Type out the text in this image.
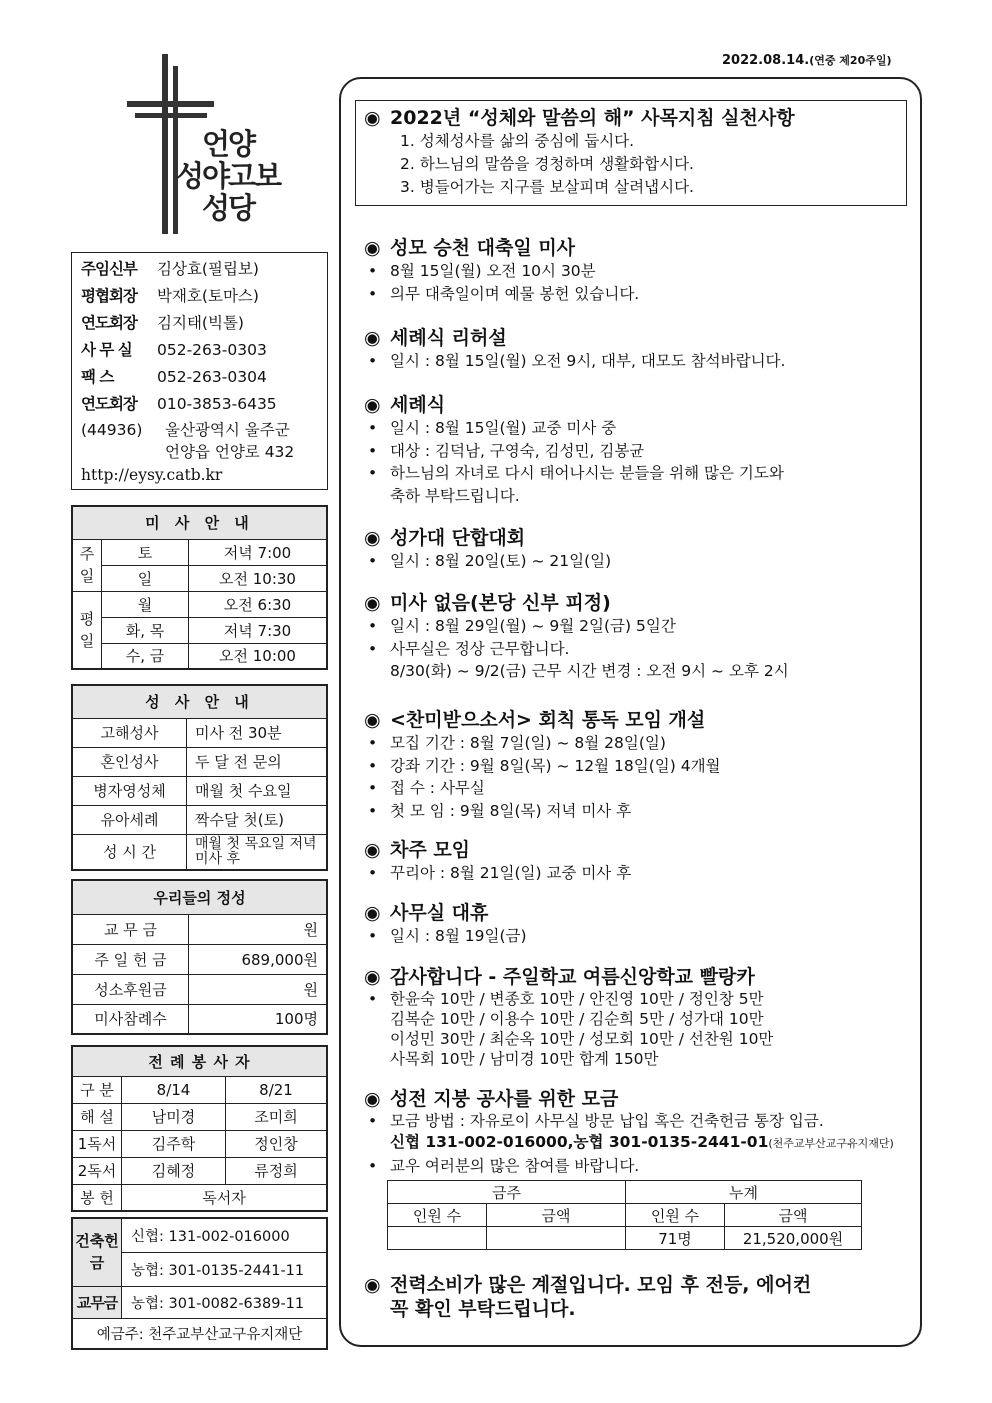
2022.08.14.(연중 제20주일)
언양
성야고보
성당
주임신부 김상효(필립보)
평협회장 박재호(토마스)
연도회장 김지태(빅톨)
사 무 실 052-263-0303
팩 스	052-263-0304
연도회장 010-3853-6435
(44936) 울산광역시 울주군
언양읍 언양로 432
http://eysy.catb.kr
미 사 안 내		
주일	토	저녁 7:00
	일	오전 10:30
평일	월	오전 6:30
	화, 목	저녁 7:30
	수, 금	오전 10:00
성 사 안 내	
고해성사	미사 전 30분
혼인성사	두 달 전 문의
병자영성체	매월 첫 수요일
유아세례	짝수달 첫(토)
성 시 간	매월 첫 목요일 저녁미사 후
우리들의 정성	
교 무 금	원
주 일 헌 금	689,000원
성소후원금	원
미사참례수	100명
전 례 봉 사 자		
구 분	8/14	8/21
해 설	남미경	조미희
1독서	김주학	정인창
2독서	김혜정	류정희
봉 헌	독서자	
건축헌금	신협: 131-002-016000
	농협: 301-0135-2441-11
교무금	농협: 301-0082-6389-11
예금주: 천주교부산교구유지재단	
◉ 2022년 “성체와 말씀의 해” 사목지침 실천사항
1. 성체성사를 삶의 중심에 둡시다.
2. 하느님의 말씀을 경청하며 생활화합시다.
3. 병들어가는 지구를 보살피며 살려냅시다.
◉ 성모 승천 대축일 미사
• 8월 15일(월) 오전 10시 30분
• 의무 대축일이며 예물 봉헌 있습니다.
◉ 세례식 리허설
• 일시 : 8월 15일(월) 오전 9시, 대부, 대모도 참석바랍니다.
◉ 세례식
• 일시 : 8월 15일(월) 교중 미사 중
• 대상 : 김덕남, 구영숙, 김성민, 김봉균
• 하느님의 자녀로 다시 태어나시는 분들을 위해 많은 기도와
축하 부탁드립니다.
◉ 성가대 단합대회
• 일시 : 8월 20일(토) ~ 21일(일)
◉ 미사 없음(본당 신부 피정)
• 일시 : 8월 29일(월) ~ 9월 2일(금) 5일간
• 사무실은 정상 근무합니다.
8/30(화) ~ 9/2(금) 근무 시간 변경 : 오전 9시 ~ 오후 2시
◉ <찬미받으소서> 회칙 통독 모임 개설
• 모집 기간 : 8월 7일(일) ~ 8월 28일(일)
• 강좌 기간 : 9월 8일(목) ~ 12월 18일(일) 4개월
• 접 수 : 사무실
• 첫 모 임 : 9월 8일(목) 저녁 미사 후
◉ 차주 모임
• 꾸리아 : 8월 21일(일) 교중 미사 후
◉ 사무실 대휴
• 일시 : 8월 19일(금)
◉ 감사합니다 - 주일학교 여름신앙학교 빨랑카
• 한윤숙 10만 / 변종호 10만 / 안진영 10만 / 정인창 5만
김복순 10만 / 이용수 10만 / 김순희 5만 / 성가대 10만
이성민 30만 / 최순옥 10만 / 성모회 10만 / 선찬원 10만
사목회 10만 / 남미경 10만 합계 150만
◉ 성전 지붕 공사를 위한 모금
• 모금 방법 : 자유로이 사무실 방문 납입 혹은 건축헌금 통장 입금.
신협 131-002-016000,농협 301-0135-2441-01(천주교부산교구유지재단)
• 교우 여러분의 많은 참여를 바랍니다.
금주		누계	
인원 수	금액	인원 수	금액
		71명	21,520,000원
◉ 전력소비가 많은 계절입니다. 모임 후 전등, 에어컨
꼭 확인 부탁드립니다.
